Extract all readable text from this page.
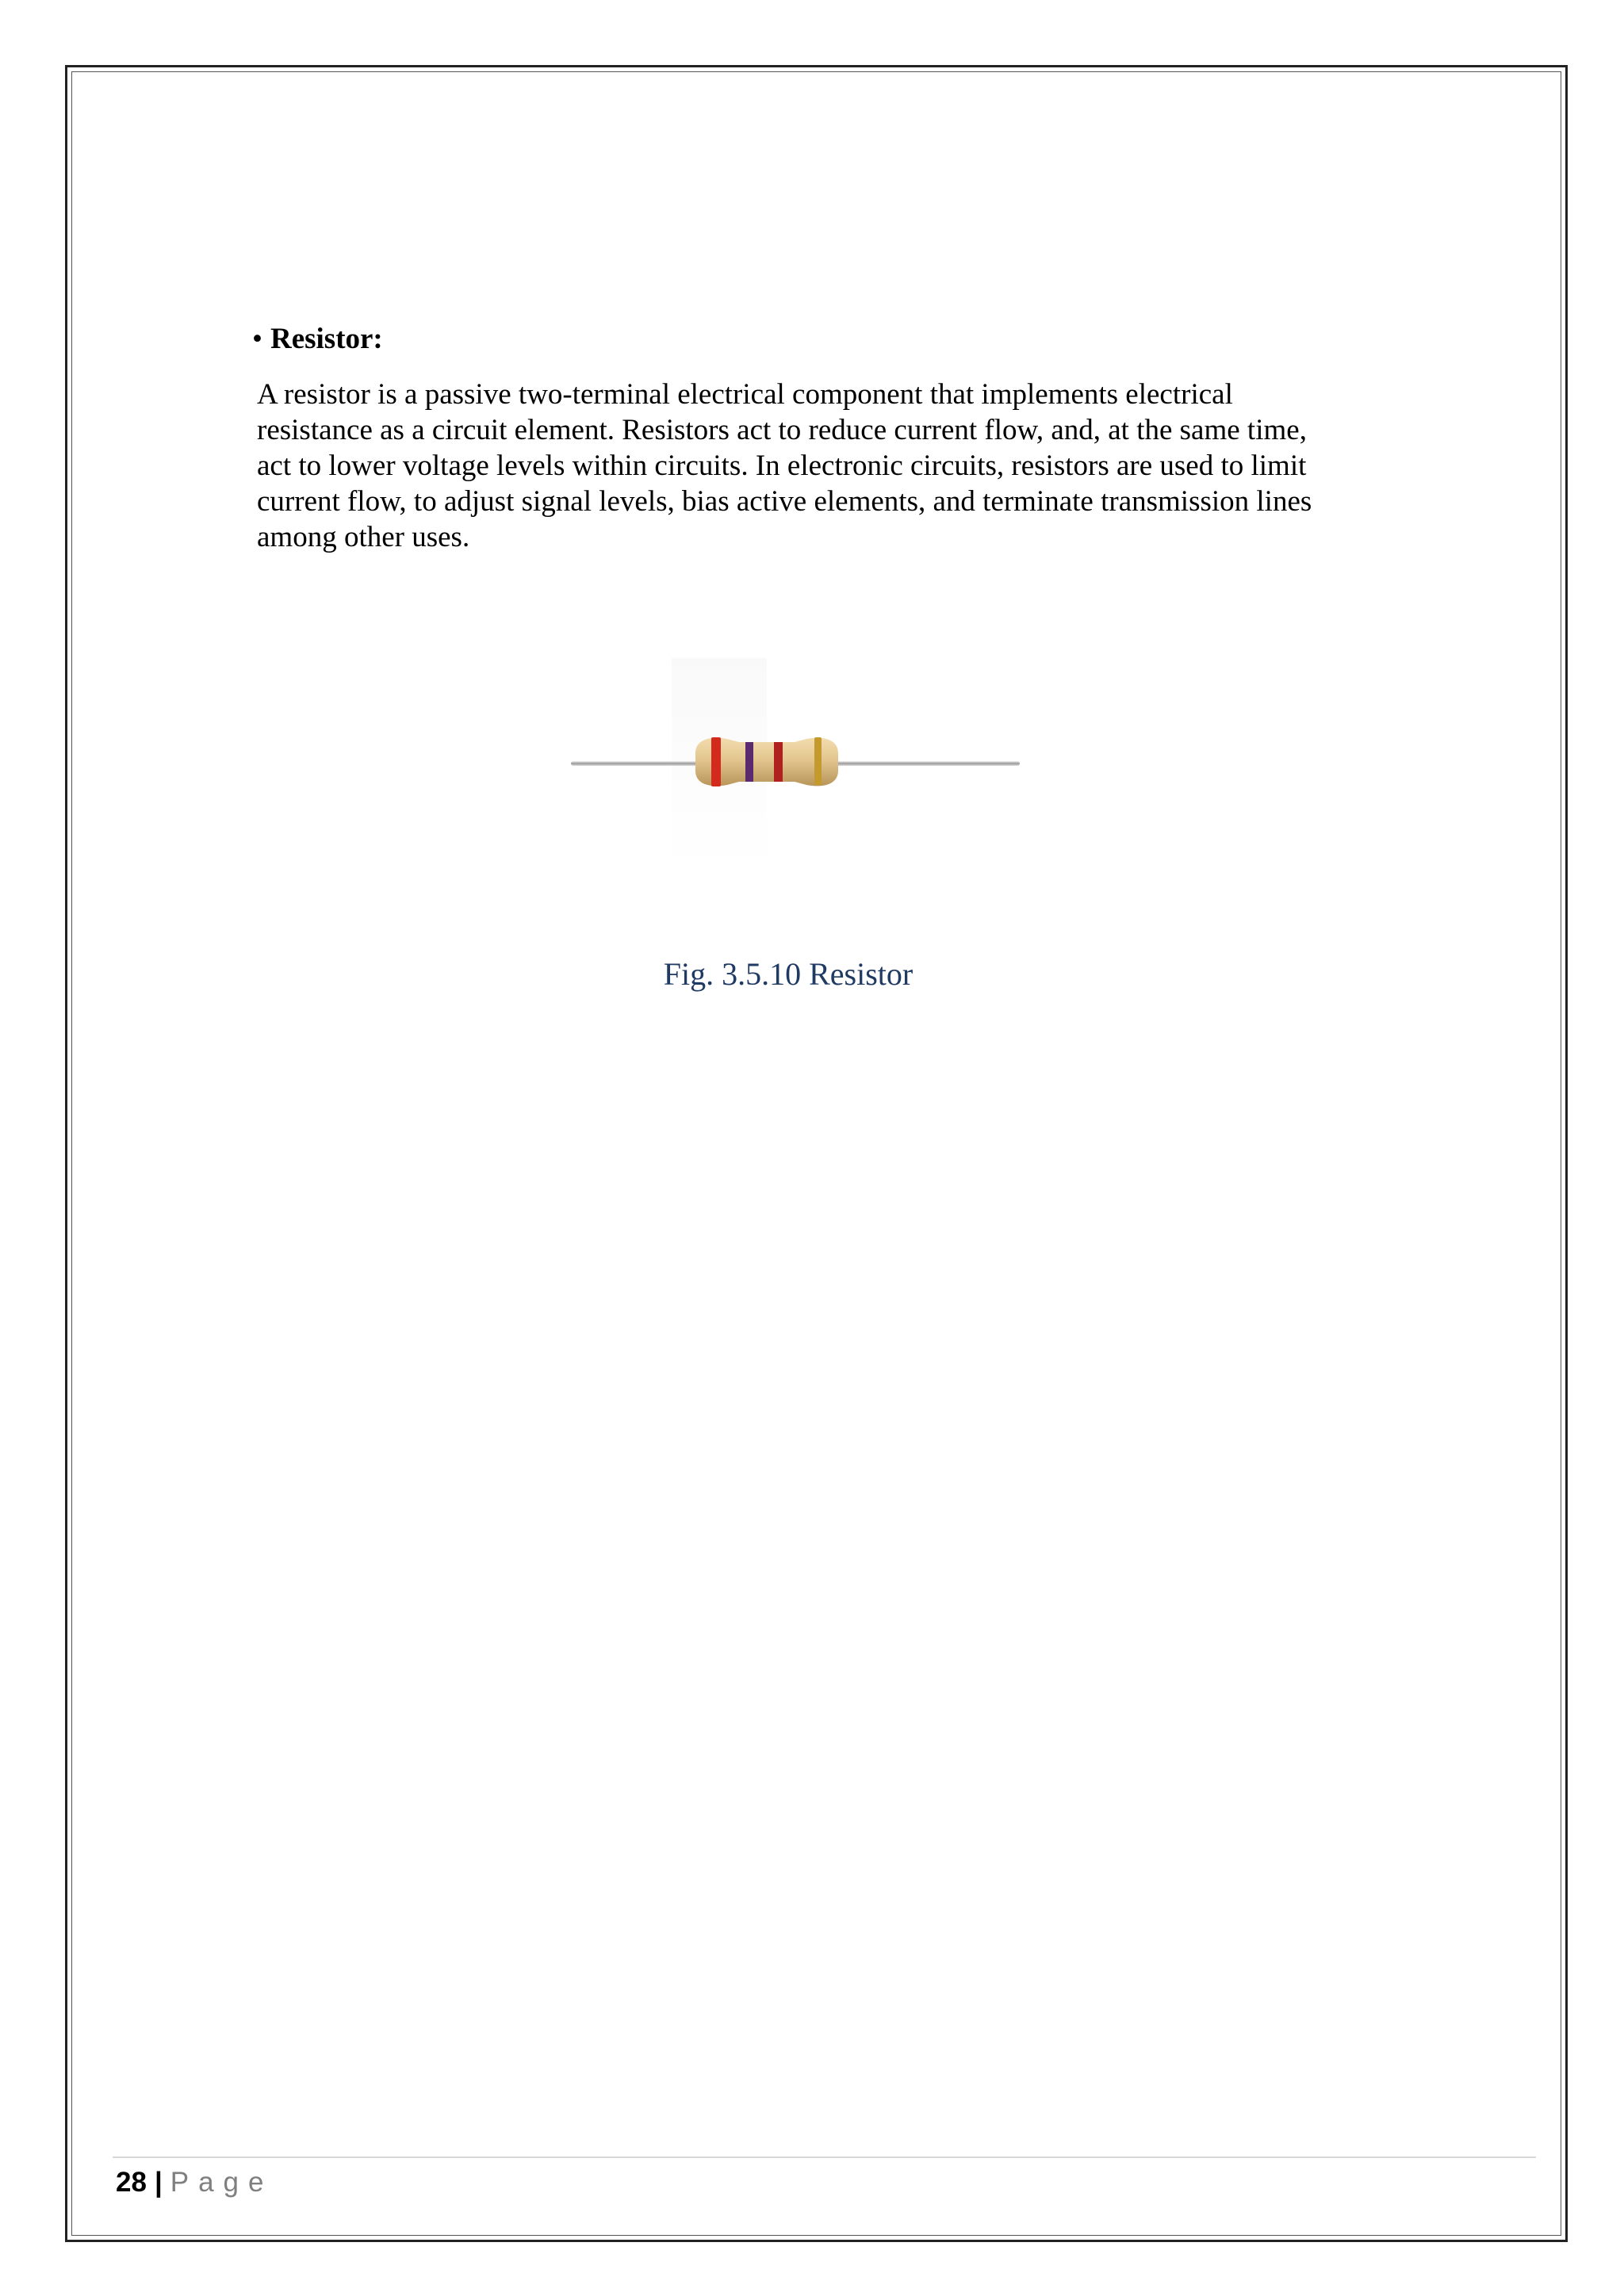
• Resistor:
A resistor is a passive two-terminal electrical component that implements electrical
resistance as a circuit element. Resistors act to reduce current flow, and, at the same time,
act to lower voltage levels within circuits. In electronic circuits, resistors are used to limit
current flow, to adjust signal levels, bias active elements, and terminate transmission lines
among other uses.
Fig. 3.5.10 Resistor
28 | Page
